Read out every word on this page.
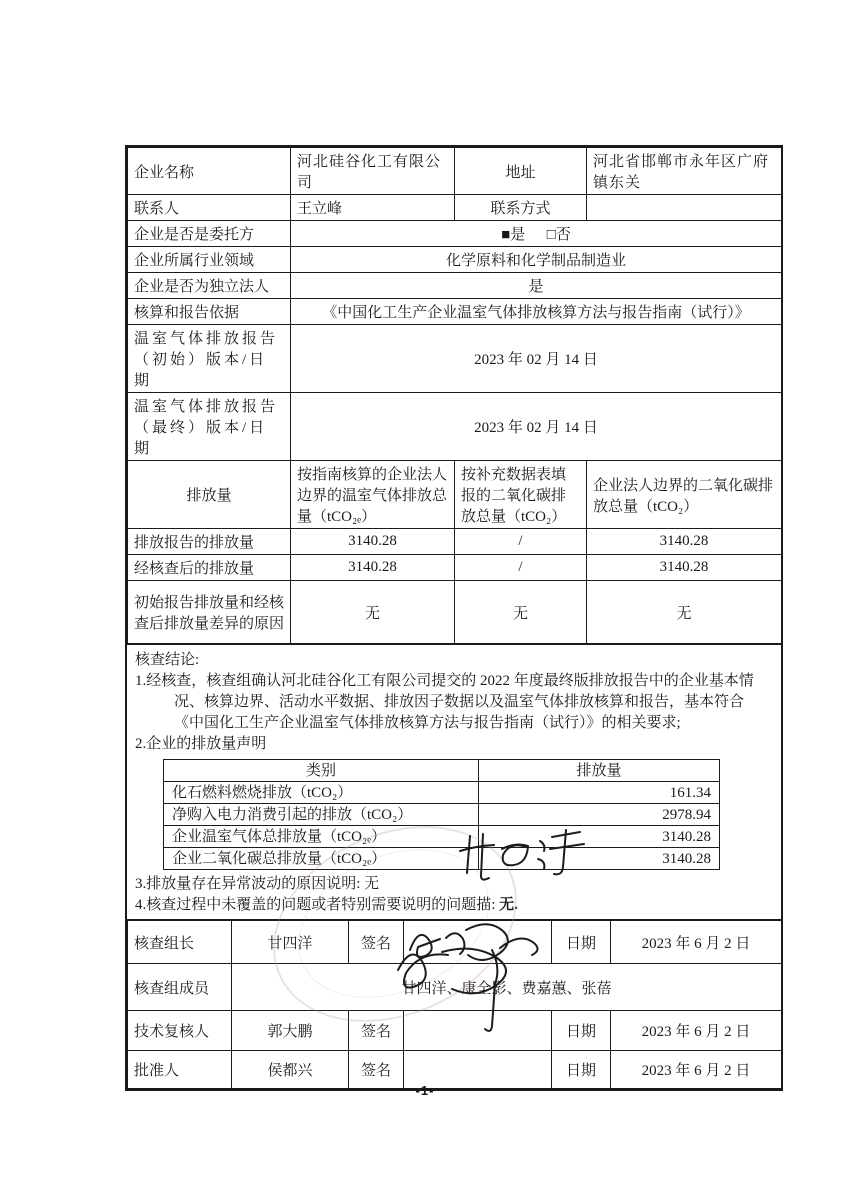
企业名称	河北硅谷化工有限公司	地址	河北省邯郸市永年区广府镇东关
联系人	王立峰	联系方式	
企业是否是委托方	■是 □否		
企业所属行业领域	化学原料和化学制品制造业		
企业是否为独立法人	是		
核算和报告依据	《中国化工生产企业温室气体排放核算方法与报告指南（试行）》		
温室气体排放报告（初始）版本/日期	2023 年 02 月 14 日		
温室气体排放报告（最终）版本/日期	2023 年 02 月 14 日		
排放量	按指南核算的企业法人边界的温室气体排放总量（tCO₂ₑ）	按补充数据表填报的二氧化碳排放总量（tCO₂）	企业法人边界的二氧化碳排放总量（tCO₂）
排放报告的排放量	3140.28	/	3140.28
经核查后的排放量	3140.28	/	3140.28
初始报告排放量和经核查后排放量差异的原因	无	无	无
核查结论:
1.经核查，核查组确认河北硅谷化工有限公司提交的 2022 年度最终版排放报告中的企业基本情况、核算边界、活动水平数据、排放因子数据以及温室气体排放核算和报告，基本符合《中国化工生产企业温室气体排放核算方法与报告指南（试行）》的相关要求;
2.企业的排放量声明
类别	排放量
化石燃料燃烧排放（tCO₂）	161.34
净购入电力消费引起的排放（tCO₂）	2978.94
企业温室气体总排放量（tCO₂ₑ）	3140.28
企业二氧化碳总排放量（tCO₂ₑ）	3140.28
3.排放量存在异常波动的原因说明: 无
4.核查过程中未覆盖的问题或者特别需要说明的问题描: 无.
核查组长	甘四洋	签名		日期	2023 年 6 月 2 日
核查组成员	甘四洋、康全影、费嘉蕙、张蓓				
技术复核人	郭大鹏	签名		日期	2023 年 6 月 2 日
批准人	侯都兴	签名		日期	2023 年 6 月 2 日
-1-
